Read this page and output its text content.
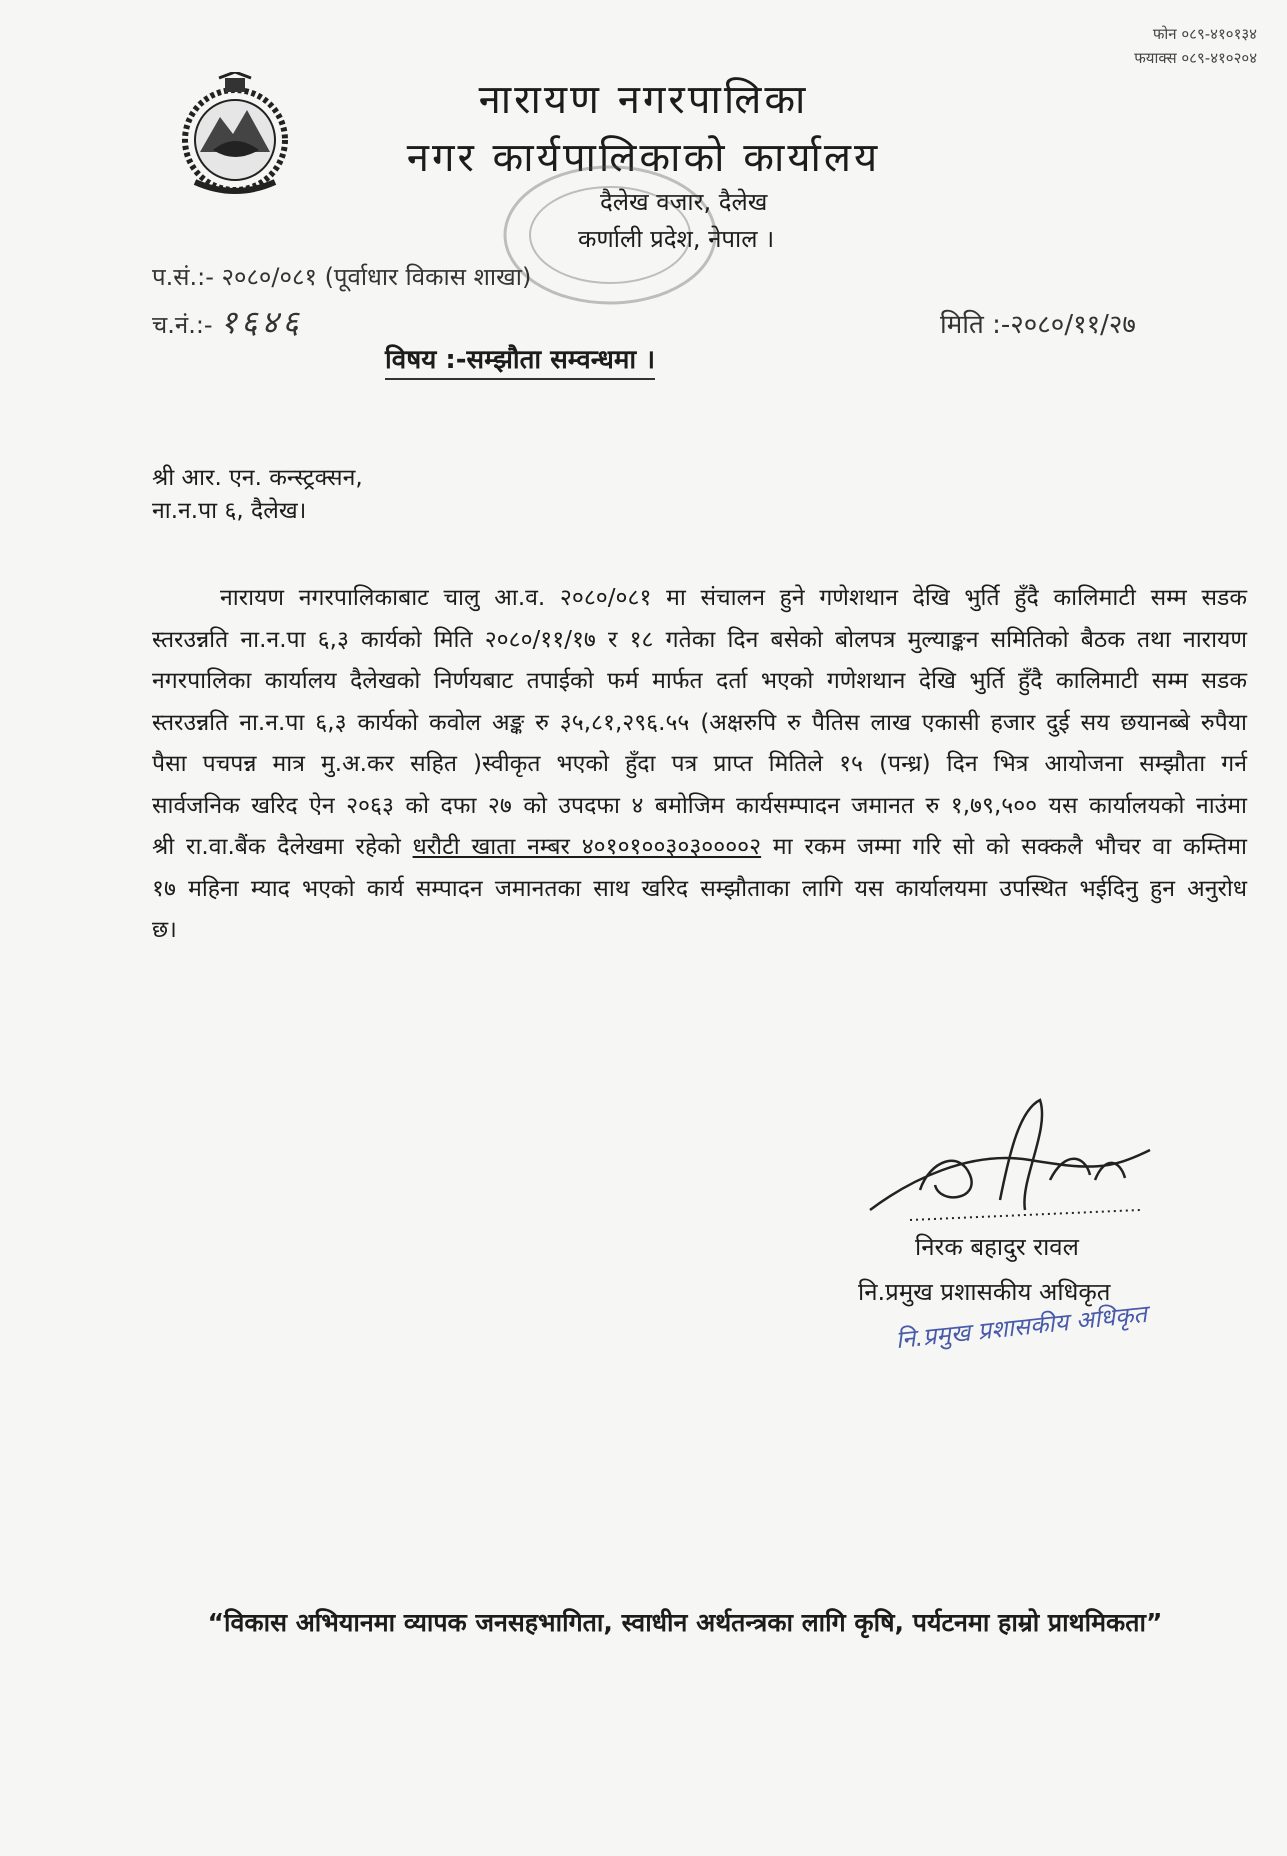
फोन ०८९-४१०१३४
फयाक्स ०८९-४१०२०४
नारायण नगरपालिका
नगर कार्यपालिकाको कार्यालय
दैलेख वजार, दैलेख
कर्णाली प्रदेश, नेपाल ।
प.सं.:- २०८०/०८१ (पूर्वाधार विकास शाखा)
च.नं.:- १६४६	मिति :-२०८०/११/२७
विषय :-सम्झौता सम्वन्धमा ।
श्री आर. एन. कन्स्ट्रक्सन,
ना.न.पा ६, दैलेख।
नारायण नगरपालिकाबाट चालु आ.व. २०८०/०८१ मा संचालन हुने गणेशथान देखि भुर्ति हुँदै कालिमाटी सम्म सडक स्तरउन्नति ना.न.पा ६,३ कार्यको मिति २०८०/११/१७ र १८ गतेका दिन बसेको बोलपत्र मुल्याङ्कन समितिको बैठक तथा नारायण नगरपालिका कार्यालय दैलेखको निर्णयबाट तपाईको फर्म मार्फत दर्ता भएको गणेशथान देखि भुर्ति हुँदै कालिमाटी सम्म सडक स्तरउन्नति ना.न.पा ६,३ कार्यको कवोल अङ्क रु ३५,८१,२९६.५५ (अक्षरुपि रु पैतिस लाख एकासी हजार दुई सय छयानब्बे रुपैया पैसा पचपन्न मात्र मु.अ.कर सहित )स्वीकृत भएको हुँदा पत्र प्राप्त मितिले १५ (पन्ध्र) दिन भित्र आयोजना सम्झौता गर्न सार्वजनिक खरिद ऐन २०६३ को दफा २७ को उपदफा ४ बमोजिम कार्यसम्पादन जमानत रु १,७९,५०० यस कार्यालयको नाउंमा श्री रा.वा.बैंक दैलेखमा रहेको धरौटी खाता नम्बर ४०१०१००३०३००००२ मा रकम जम्मा गरि सो को सक्कलै भौचर वा कम्तिमा १७ महिना म्याद भएको कार्य सम्पादन जमानतका साथ खरिद सम्झौताका लागि यस कार्यालयमा उपस्थित भईदिनु हुन अनुरोध छ।
निरक बहादुर रावल
नि.प्रमुख प्रशासकीय अधिकृत
नि.प्रमुख प्रशासकीय अधिकृत
“विकास अभियानमा व्यापक जनसहभागिता, स्वाधीन अर्थतन्त्रका लागि कृषि, पर्यटनमा हाम्रो प्राथमिकता”
